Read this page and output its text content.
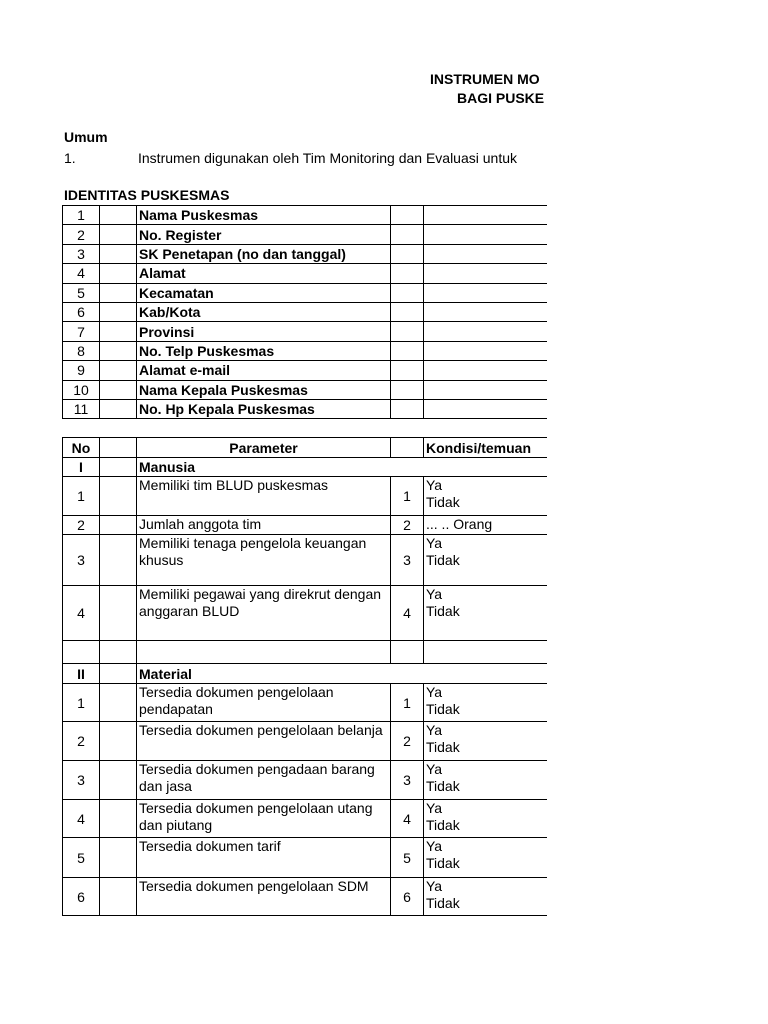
INSTRUMEN MO
BAGI PUSKE
Umum
1.	Instrumen digunakan oleh Tim Monitoring dan Evaluasi untuk
IDENTITAS PUSKESMAS
1		Nama Puskesmas		
2		No. Register		
3		SK Penetapan (no dan tanggal)		
4		Alamat		
5		Kecamatan		
6		Kab/Kota		
7		Provinsi		
8		No. Telp Puskesmas		
9		Alamat e-mail		
10		Nama Kepala Puskesmas		
11		No. Hp Kepala Puskesmas		
No		Parameter		Kondisi/temuan
I		Manusia		
1		Memiliki tim BLUD puskesmas	1	Ya
Tidak

2		Jumlah anggota tim	2	... .. Orang

3		Memiliki tenaga pengelola keuangan khusus	3	Ya
Tidak

4		Memiliki pegawai yang direkrut dengan anggaran BLUD	4	Ya
Tidak

II		Material		
1		Tersedia dokumen pengelolaan pendapatan	1	Ya
Tidak

2		Tersedia dokumen pengelolaan belanja	2	Ya
Tidak

3		Tersedia dokumen pengadaan barang dan jasa	3	Ya
Tidak

4		Tersedia dokumen pengelolaan utang dan piutang	4	Ya
Tidak

5		Tersedia dokumen tarif	5	Ya
Tidak

6		Tersedia dokumen pengelolaan SDM	6	Ya
Tidak
